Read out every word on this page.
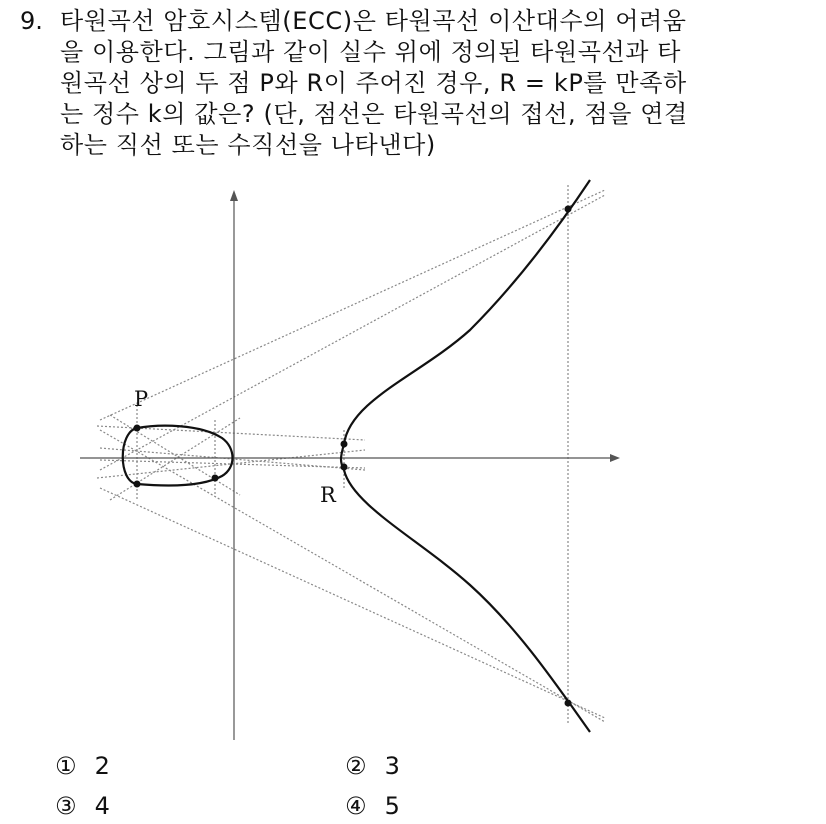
9. 타원곡선 암호시스템(ECC)은 타원곡선 이산대수의 어려움
을 이용한다. 그림과 같이 실수 위에 정의된 타원곡선과 타
원곡선 상의 두 점 P와 R이 주어진 경우, R = kP를 만족하
는 정수 k의 값은? (단, 점선은 타원곡선의 접선, 점을 연결
하는 직선 또는 수직선을 나타낸다)
P
R
① 2	② 3
③ 4	④ 5
